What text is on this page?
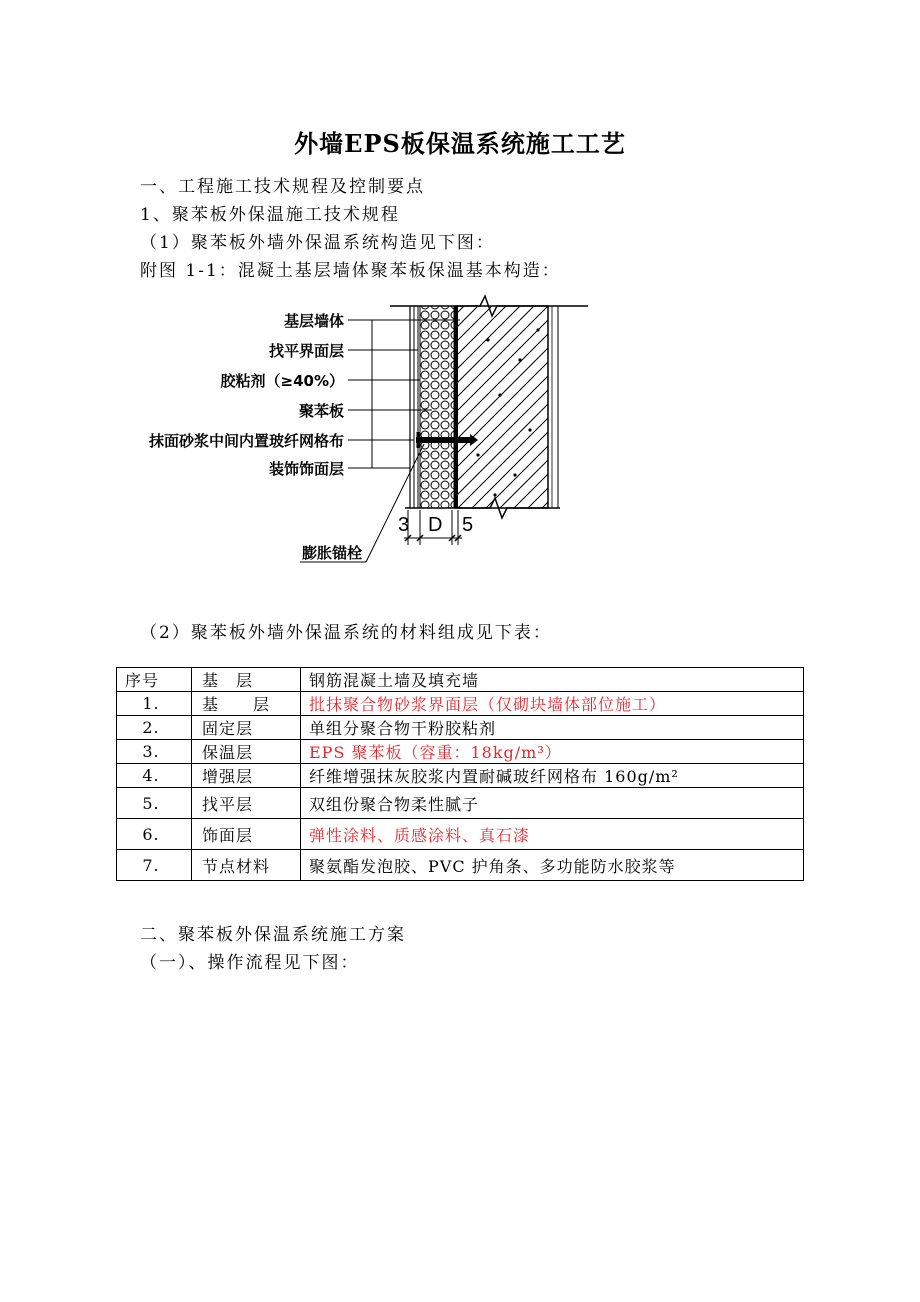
外墙EPS板保温系统施工工艺
一、工程施工技术规程及控制要点
1、聚苯板外保温施工技术规程
（1）聚苯板外墙外保温系统构造见下图：
附图 1-1：混凝土基层墙体聚苯板保温基本构造：
3 D 5
基层墙体
找平界面层
胶粘剂（≥40%）
聚苯板
抹面砂浆中间内置玻纤网格布
装饰饰面层
膨胀锚栓
（2）聚苯板外墙外保温系统的材料组成见下表：
序号	基　层	钢筋混凝土墙及填充墙
1.	基　　层	批抹聚合物砂浆界面层（仅砌块墙体部位施工）
2.	固定层	单组分聚合物干粉胶粘剂
3.	保温层	EPS 聚苯板（容重：18kg/m³）
4.	增强层	纤维增强抹灰胶浆内置耐碱玻纤网格布 160g/m²
5.	找平层	双组份聚合物柔性腻子
6.	饰面层	弹性涂料、质感涂料、真石漆
7.	节点材料	聚氨酯发泡胶、PVC 护角条、多功能防水胶浆等
二、聚苯板外保温系统施工方案
（一）、操作流程见下图：
